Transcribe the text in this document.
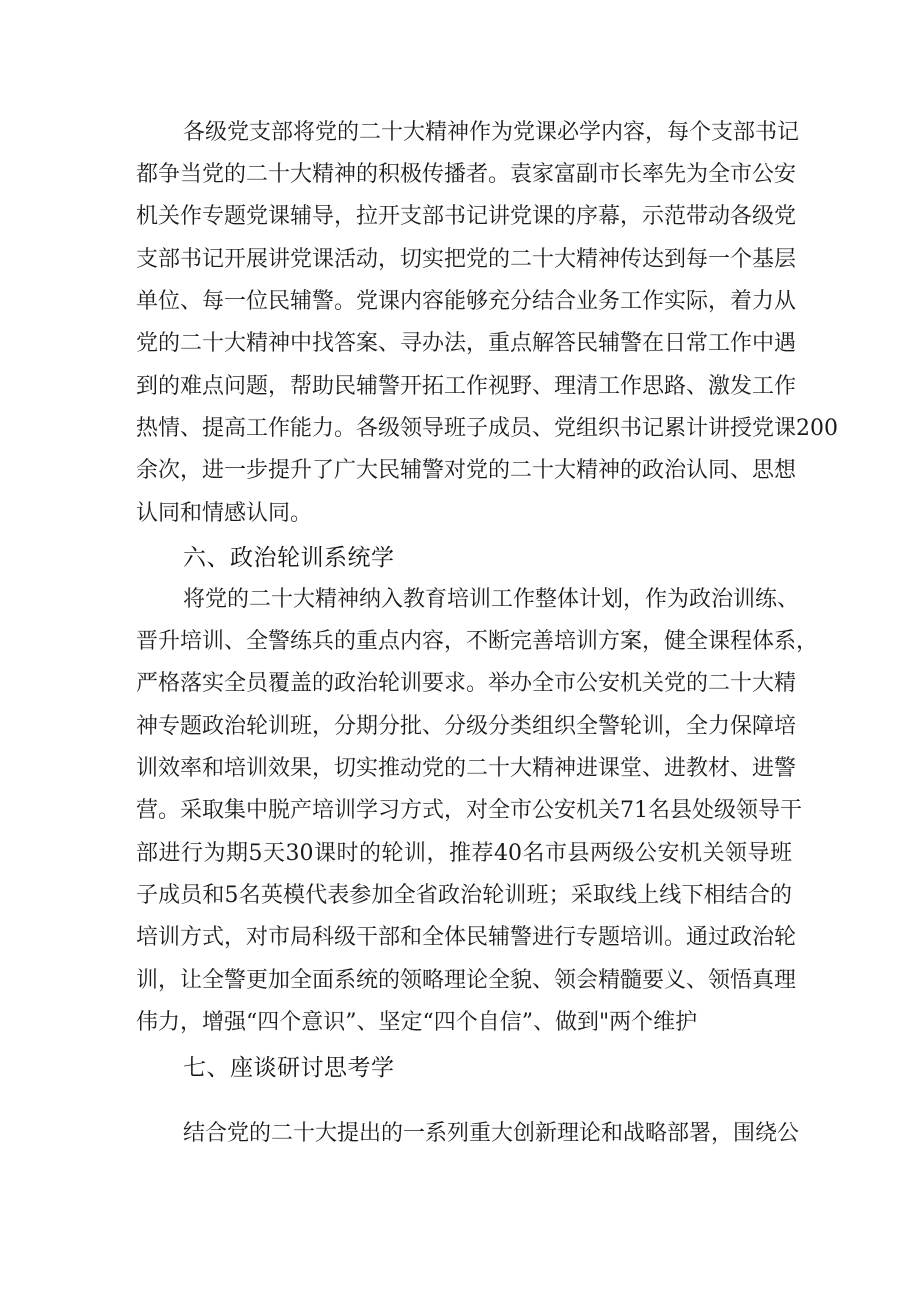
各级党支部将党的二十大精神作为党课必学内容，每个支部书记
都争当党的二十大精神的积极传播者。袁家富副市长率先为全市公安
机关作专题党课辅导，拉开支部书记讲党课的序幕，示范带动各级党
支部书记开展讲党课活动，切实把党的二十大精神传达到每一个基层
单位、每一位民辅警。党课内容能够充分结合业务工作实际，着力从
党的二十大精神中找答案、寻办法，重点解答民辅警在日常工作中遇
到的难点问题，帮助民辅警开拓工作视野、理清工作思路、激发工作
热情、提高工作能力。各级领导班子成员、党组织书记累计讲授党课200
余次，进一步提升了广大民辅警对党的二十大精神的政治认同、思想
认同和情感认同。
六、政治轮训系统学
将党的二十大精神纳入教育培训工作整体计划，作为政治训练、
晋升培训、全警练兵的重点内容，不断完善培训方案，健全课程体系，
严格落实全员覆盖的政治轮训要求。举办全市公安机关党的二十大精
神专题政治轮训班，分期分批、分级分类组织全警轮训，全力保障培
训效率和培训效果，切实推动党的二十大精神进课堂、进教材、进警
营。采取集中脱产培训学习方式，对全市公安机关71名县处级领导干
部进行为期5天30课时的轮训，推荐40名市县两级公安机关领导班
子成员和5名英模代表参加全省政治轮训班；采取线上线下相结合的
培训方式，对市局科级干部和全体民辅警进行专题培训。通过政治轮
训，让全警更加全面系统的领略理论全貌、领会精髓要义、领悟真理
伟力，增强“四个意识”、坚定“四个自信”、做到"两个维护
七、座谈研讨思考学
结合党的二十大提出的一系列重大创新理论和战略部署，围绕公
